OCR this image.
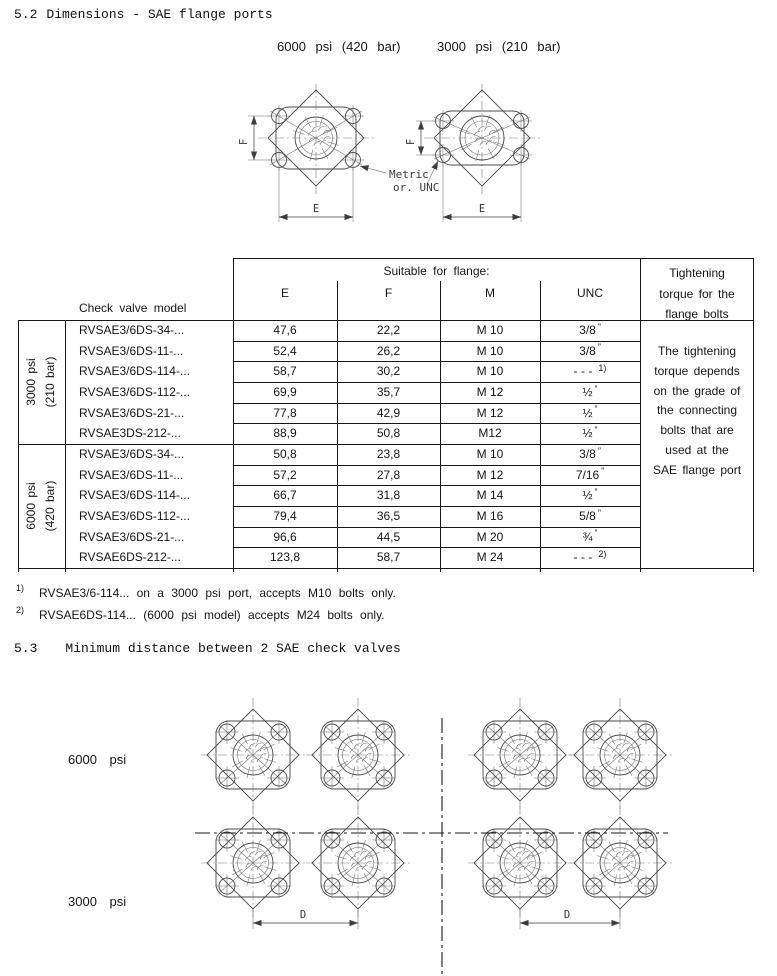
5.2 Dimensions - SAE flange ports
6000 psi (420 bar)	3000 psi (210 bar)
F
E
F
E
Metric
or. UNC
Check valve model
Suitable for flange:
E	F	M	UNC
Tightening
torque for the
flange bolts
The tightening
torque depends
on the grade of
the connecting
bolts that are
used at the
SAE flange port
RVSAE3/6DS-34-...	47,6	22,2	M 10	3/8 ”
RVSAE3/6DS-11-...	52,4	26,2	M 10	3/8 ”
RVSAE3/6DS-114-...	58,7	30,2	M 10	- - - $^{1)}$
RVSAE3/6DS-112-...	69,9	35,7	M 12	½ ”
RVSAE3/6DS-21-...	77,8	42,9	M 12	½ ”
RVSAE3DS-212-...	88,9	50,8	M12	½ ”
3000 psi (210 bar)
RVSAE3/6DS-34-...	50,8	23,8	M 10	3/8 ”
RVSAE3/6DS-11-...	57,2	27,8	M 12	7/16 ”
RVSAE3/6DS-114-...	66,7	31,8	M 14	½ ”
RVSAE3/6DS-112-...	79,4	36,5	M 16	5/8 ”
RVSAE3/6DS-21-...	96,6	44,5	M 20	¾ ”
RVSAE6DS-212-...	123,8	58,7	M 24	- - - $^{2)}$
6000 psi (420 bar)
$^{1)}$ RVSAE3/6-114... on a 3000 psi port, accepts M10 bolts only.
$^{2)}$ RVSAE6DS-114... (6000 psi model) accepts M24 bolts only.
5.3 Minimum distance between 2 SAE check valves
6000 psi
3000 psi
D	D
